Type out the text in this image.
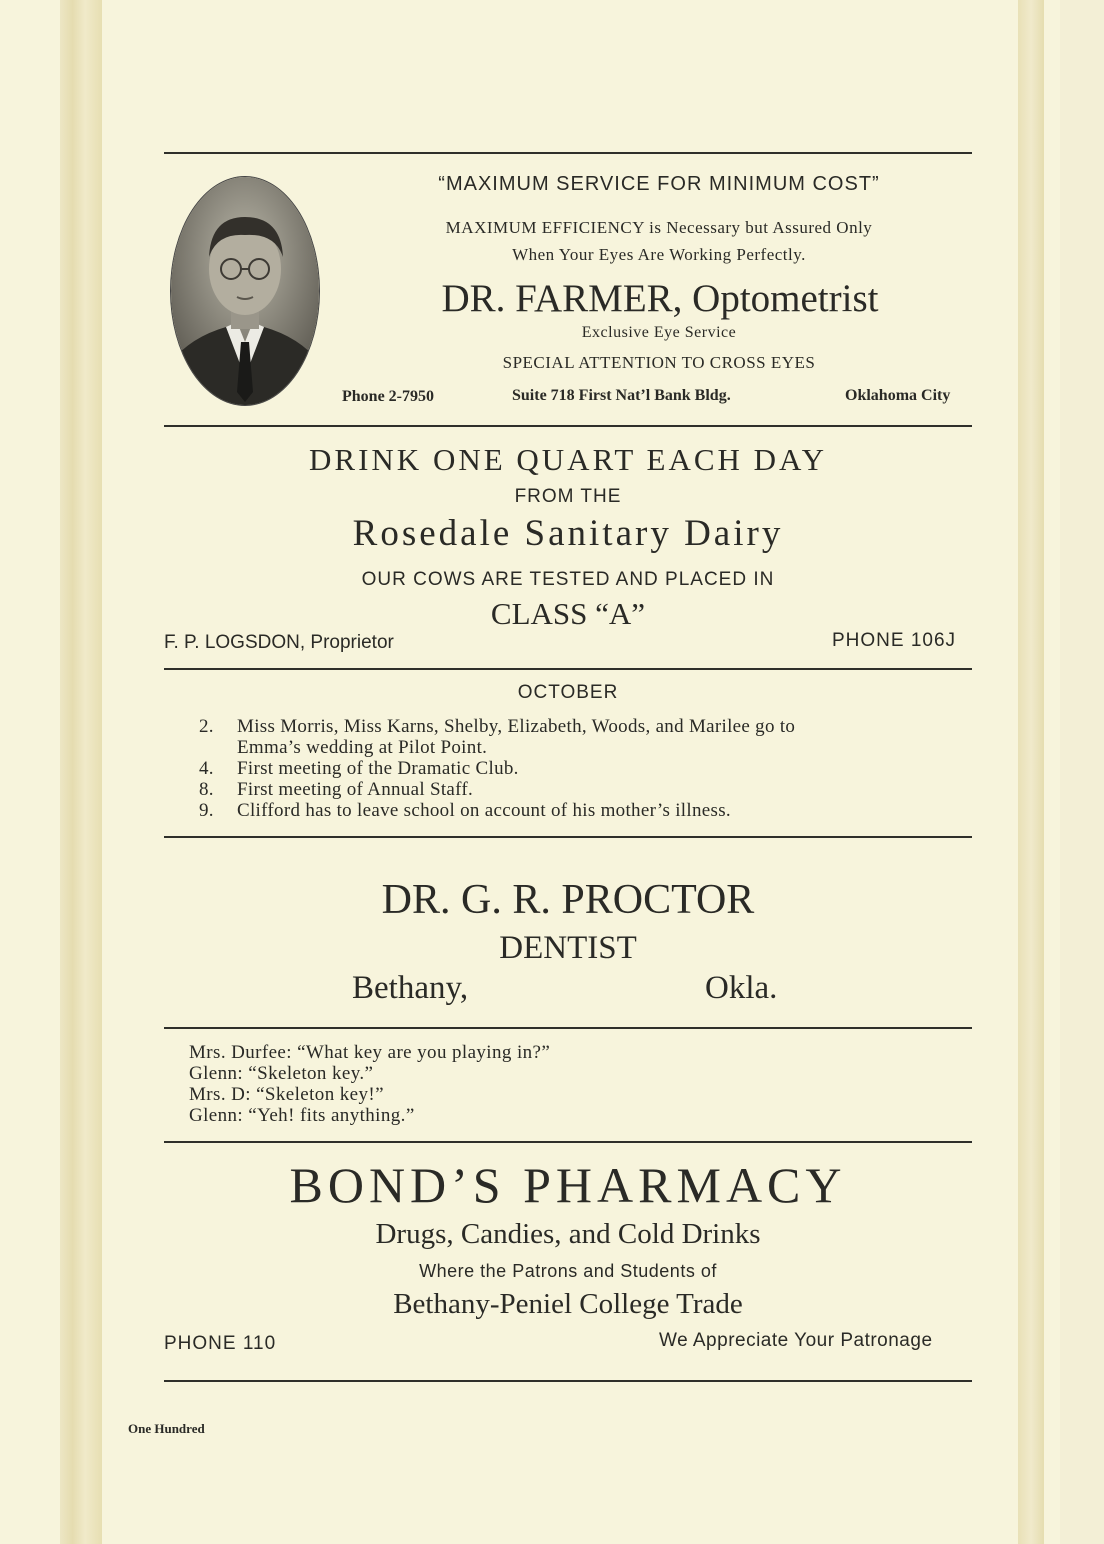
“MAXIMUM SERVICE FOR MINIMUM COST”
MAXIMUM EFFICIENCY is Necessary but Assured Only
When Your Eyes Are Working Perfectly.
DR. FARMER, Optometrist
Exclusive Eye Service
SPECIAL ATTENTION TO CROSS EYES
Phone 2-7950	Suite 718 First Nat’l Bank Bldg.	Oklahoma City
DRINK ONE QUART EACH DAY
FROM THE
Rosedale Sanitary Dairy
OUR COWS ARE TESTED AND PLACED IN
CLASS “A”
F. P. LOGSDON, Proprietor	PHONE 106J
OCTOBER
2. Miss Morris, Miss Karns, Shelby, Elizabeth, Woods, and Marilee go to
Emma’s wedding at Pilot Point.
4. First meeting of the Dramatic Club.
8. First meeting of Annual Staff.
9. Clifford has to leave school on account of his mother’s illness.
DR. G. R. PROCTOR
DENTIST
Bethany,	Okla.
Mrs. Durfee: “What key are you playing in?”
Glenn: “Skeleton key.”
Mrs. D: “Skeleton key!”
Glenn: “Yeh! fits anything.”
BOND’S PHARMACY
Drugs, Candies, and Cold Drinks
Where the Patrons and Students of
Bethany-Peniel College Trade
PHONE 110	We Appreciate Your Patronage
One Hundred
